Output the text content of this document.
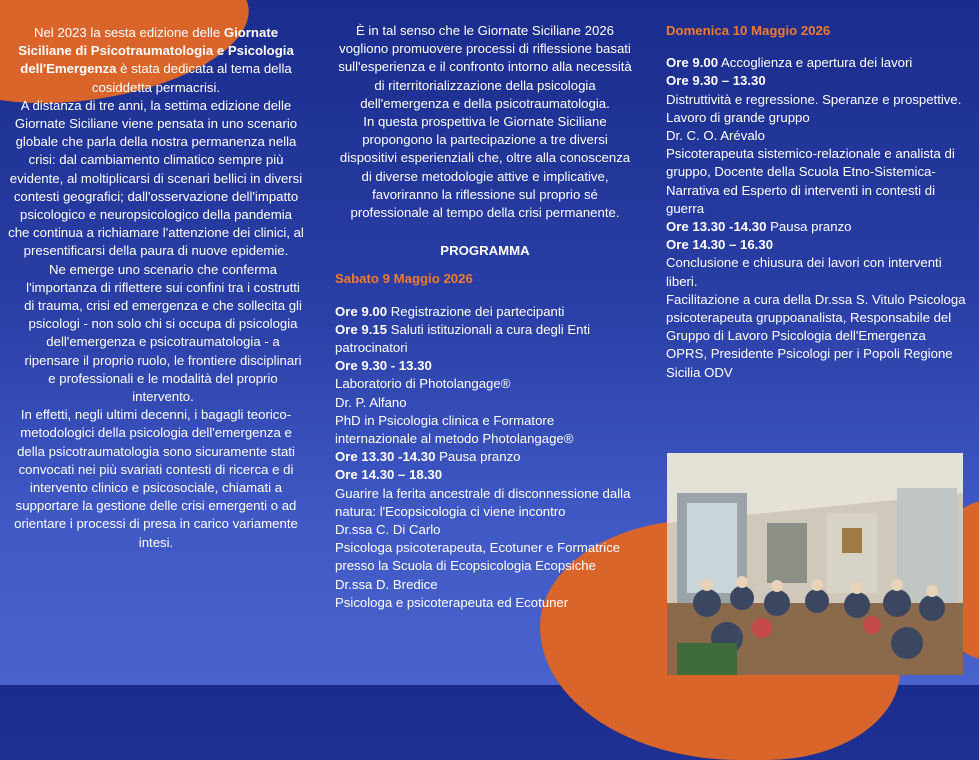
Nel 2023 la sesta edizione delle Giornate Siciliane di Psicotraumatologia e Psicologia dell'Emergenza è stata dedicata al tema della cosiddetta permacrisi.

A distanza di tre anni, la settima edizione delle Giornate Siciliane viene pensata in uno scenario globale che parla della nostra permanenza nella crisi: dal cambiamento climatico sempre più evidente, al moltiplicarsi di scenari bellici in diversi contesti geografici; dall'osservazione dell'impatto psicologico e neuropsicologico della pandemia che continua a richiamare l'attenzione dei clinici, al presentificarsi della paura di nuove epidemie.

Ne emerge uno scenario che conferma l'importanza di riflettere sui confini tra i costrutti di trauma, crisi ed emergenza e che sollecita gli psicologi - non solo chi si occupa di psicologia dell'emergenza e psicotraumatologia - a ripensare il proprio ruolo, le frontiere disciplinari e professionali e le modalità del proprio intervento.

In effetti, negli ultimi decenni, i bagagli teorico-metodologici della psicologia dell'emergenza e della psicotraumatologia sono sicuramente stati convocati nei più svariati contesti di ricerca e di intervento clinico e psicosociale, chiamati a supportare la gestione delle crisi emergenti o ad orientare i processi di presa in carico variamente intesi.

È in tal senso che le Giornate Siciliane 2026 vogliono promuovere processi di riflessione basati sull'esperienza e il confronto intorno alla necessità di riterritorializzazione della psicologia dell'emergenza e della psicotraumatologia.

In questa prospettiva le Giornate Siciliane propongono la partecipazione a tre diversi dispositivi esperienziali che, oltre alla conoscenza di diverse metodologie attive e implicative, favoriranno la riflessione sul proprio sé professionale al tempo della crisi permanente.

PROGRAMMA

Sabato 9 Maggio 2026

Ore 9.00 Registrazione dei partecipanti

Ore 9.15 Saluti istituzionali a cura degli Enti patrocinatori

Ore 9.30 - 13.30

Laboratorio di Photolangage®

Dr. P. Alfano

PhD in Psicologia clinica e Formatore internazionale al metodo Photolangage®

Ore 13.30 -14.30 Pausa pranzo

Ore 14.30 – 18.30

Guarire la ferita ancestrale di disconnessione dalla natura: l'Ecopsicologia ci viene incontro

Dr.ssa C. Di Carlo

Psicologa psicoterapeuta, Ecotuner e Formatrice presso la Scuola di Ecopsicologia Ecopsiche

Dr.ssa D. Bredice

Psicologa e psicoterapeuta ed Ecotuner

Domenica 10 Maggio 2026

Ore 9.00 Accoglienza e apertura dei lavori

Ore 9.30 – 13.30

Distruttività e regressione. Speranze e prospettive. Lavoro di grande gruppo

Dr. C. O. Arévalo

Psicoterapeuta sistemico-relazionale e analista di gruppo, Docente della Scuola Etno-Sistemica-Narrativa ed Esperto di interventi in contesti di guerra

Ore 13.30 -14.30 Pausa pranzo

Ore 14.30 – 16.30

Conclusione e chiusura dei lavori con interventi liberi.

Facilitazione a cura della Dr.ssa S. Vitulo Psicologa psicoterapeuta gruppoanalista, Responsabile del Gruppo di Lavoro Psicologia dell'Emergenza OPRS, Presidente Psicologi per i Popoli Regione Sicilia ODV
